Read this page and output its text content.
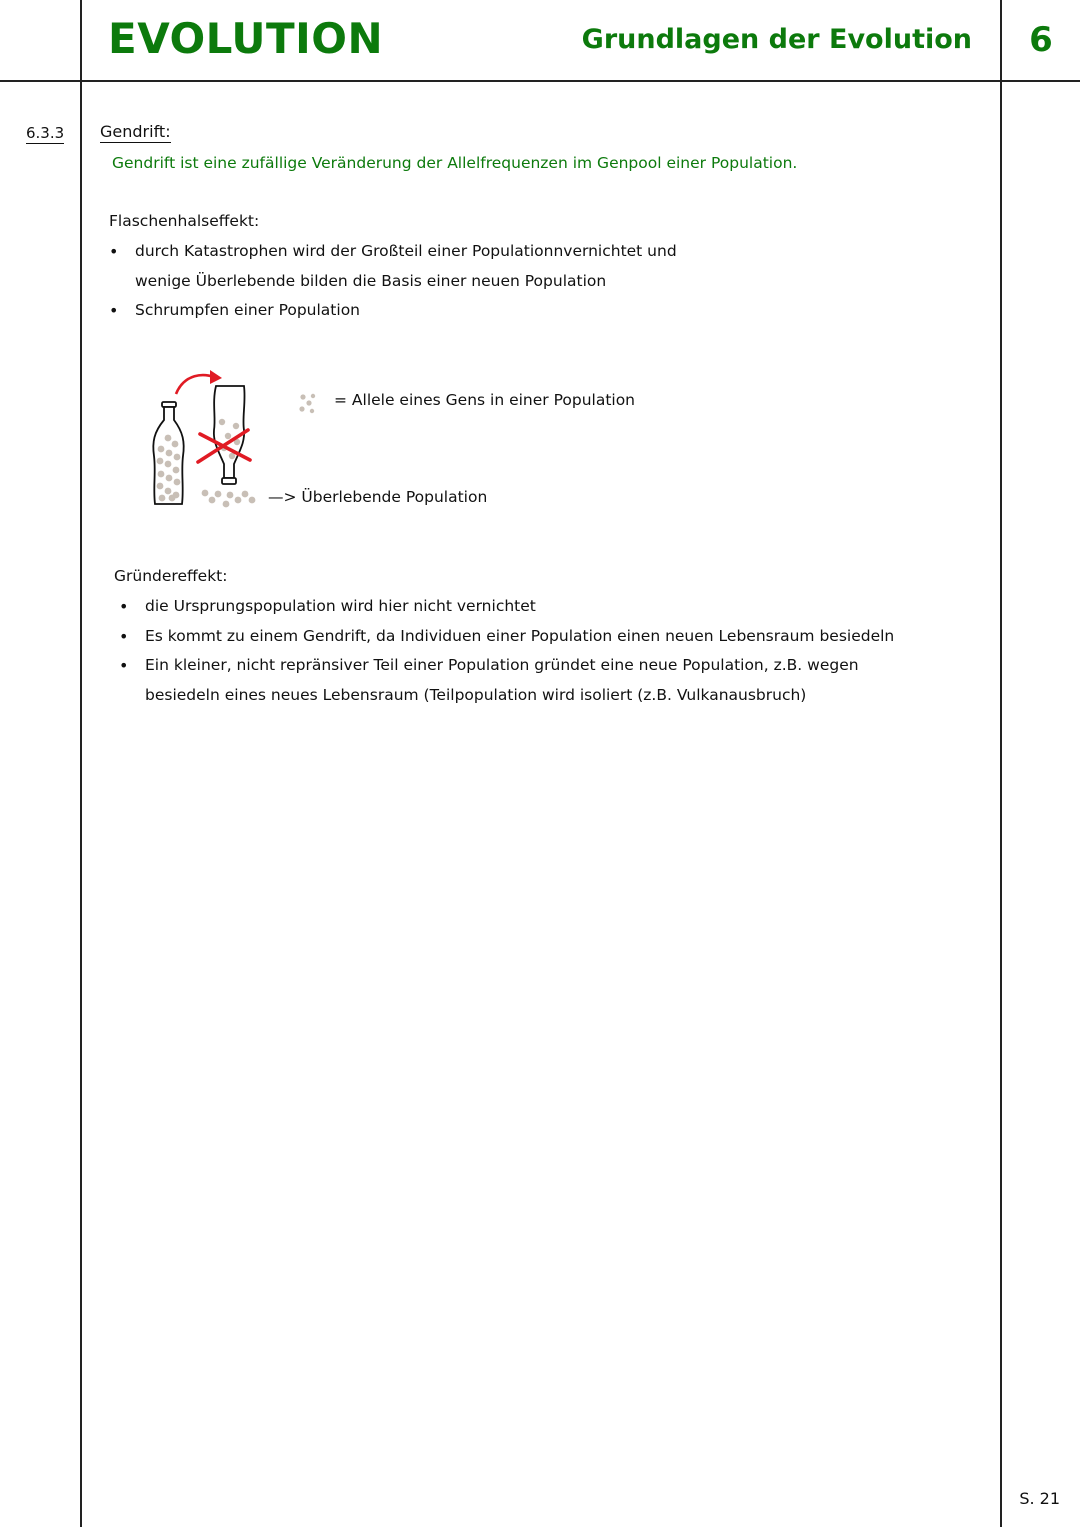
EVOLUTION	Grundlagen der Evolution	6
6.3.3 Gendrift:

Gendrift ist eine zufällige Veränderung der Allelfrequenzen im Genpool einer Population.

Flaschenhalseffekt:
• durch Katastrophen wird der Großteil einer Populationnvernichtet und wenige Überlebende bilden die Basis einer neuen Population
• Schrumpfen einer Population
= Allele eines Gens in einer Population
—> Überlebende Population
Gründereffekt:
• die Ursprungspopulation wird hier nicht vernichtet
• Es kommt zu einem Gendrift, da Individuen einer Population einen neuen Lebensraum besiedeln
• Ein kleiner, nicht repränsiver Teil einer Population gründet eine neue Population, z.B. wegen besiedeln eines neues Lebensraum (Teilpopulation wird isoliert (z.B. Vulkanausbruch)
S. 21
